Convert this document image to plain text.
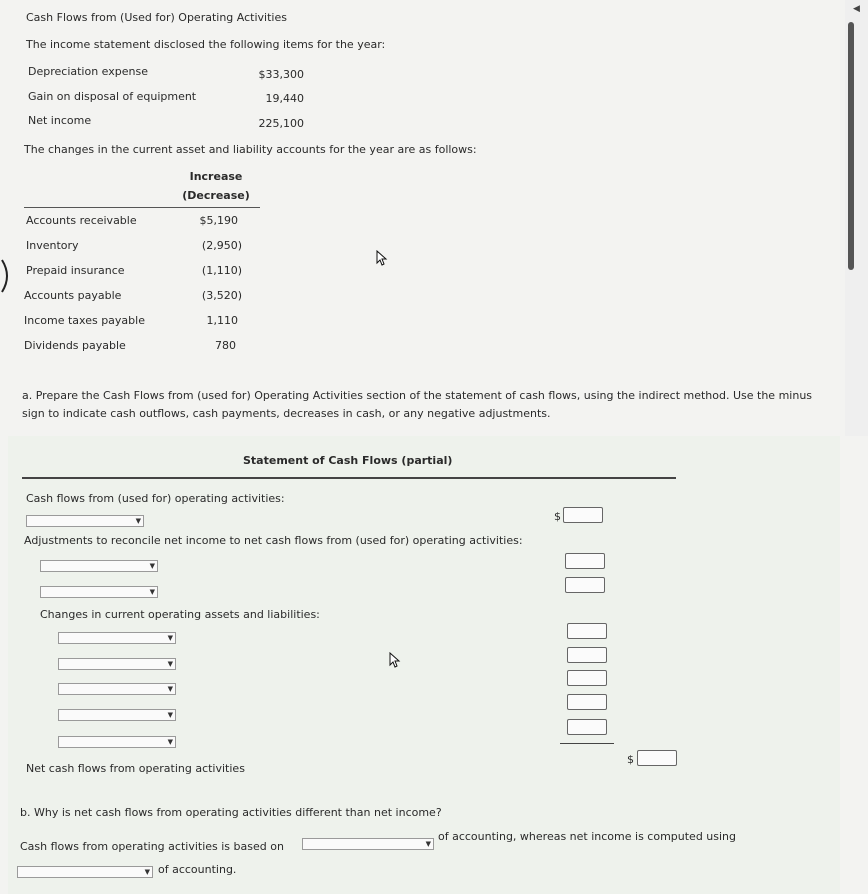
◀
Cash Flows from (Used for) Operating Activities
The income statement disclosed the following items for the year:
Depreciation expense	$33,300
Gain on disposal of equipment	19,440
Net income	225,100
The changes in the current asset and liability accounts for the year are as follows:
Increase
(Decrease)
Accounts receivable	$5,190
Inventory	(2,950)
Prepaid insurance	(1,110)
Accounts payable	(3,520)
Income taxes payable	1,110
Dividends payable	780
a. Prepare the Cash Flows from (used for) Operating Activities section of the statement of cash flows, using the indirect method. Use the minus
sign to indicate cash outflows, cash payments, decreases in cash, or any negative adjustments.
Statement of Cash Flows (partial)
Cash flows from (used for) operating activities:
▼	$
Adjustments to reconcile net income to net cash flows from (used for) operating activities:
▼
▼
Changes in current operating assets and liabilities:
▼
▼
▼
▼
▼
Net cash flows from operating activities
$
b. Why is net cash flows from operating activities different than net income?
Cash flows from operating activities is based on	▼
of accounting, whereas net income is computed using
▼ of accounting.
